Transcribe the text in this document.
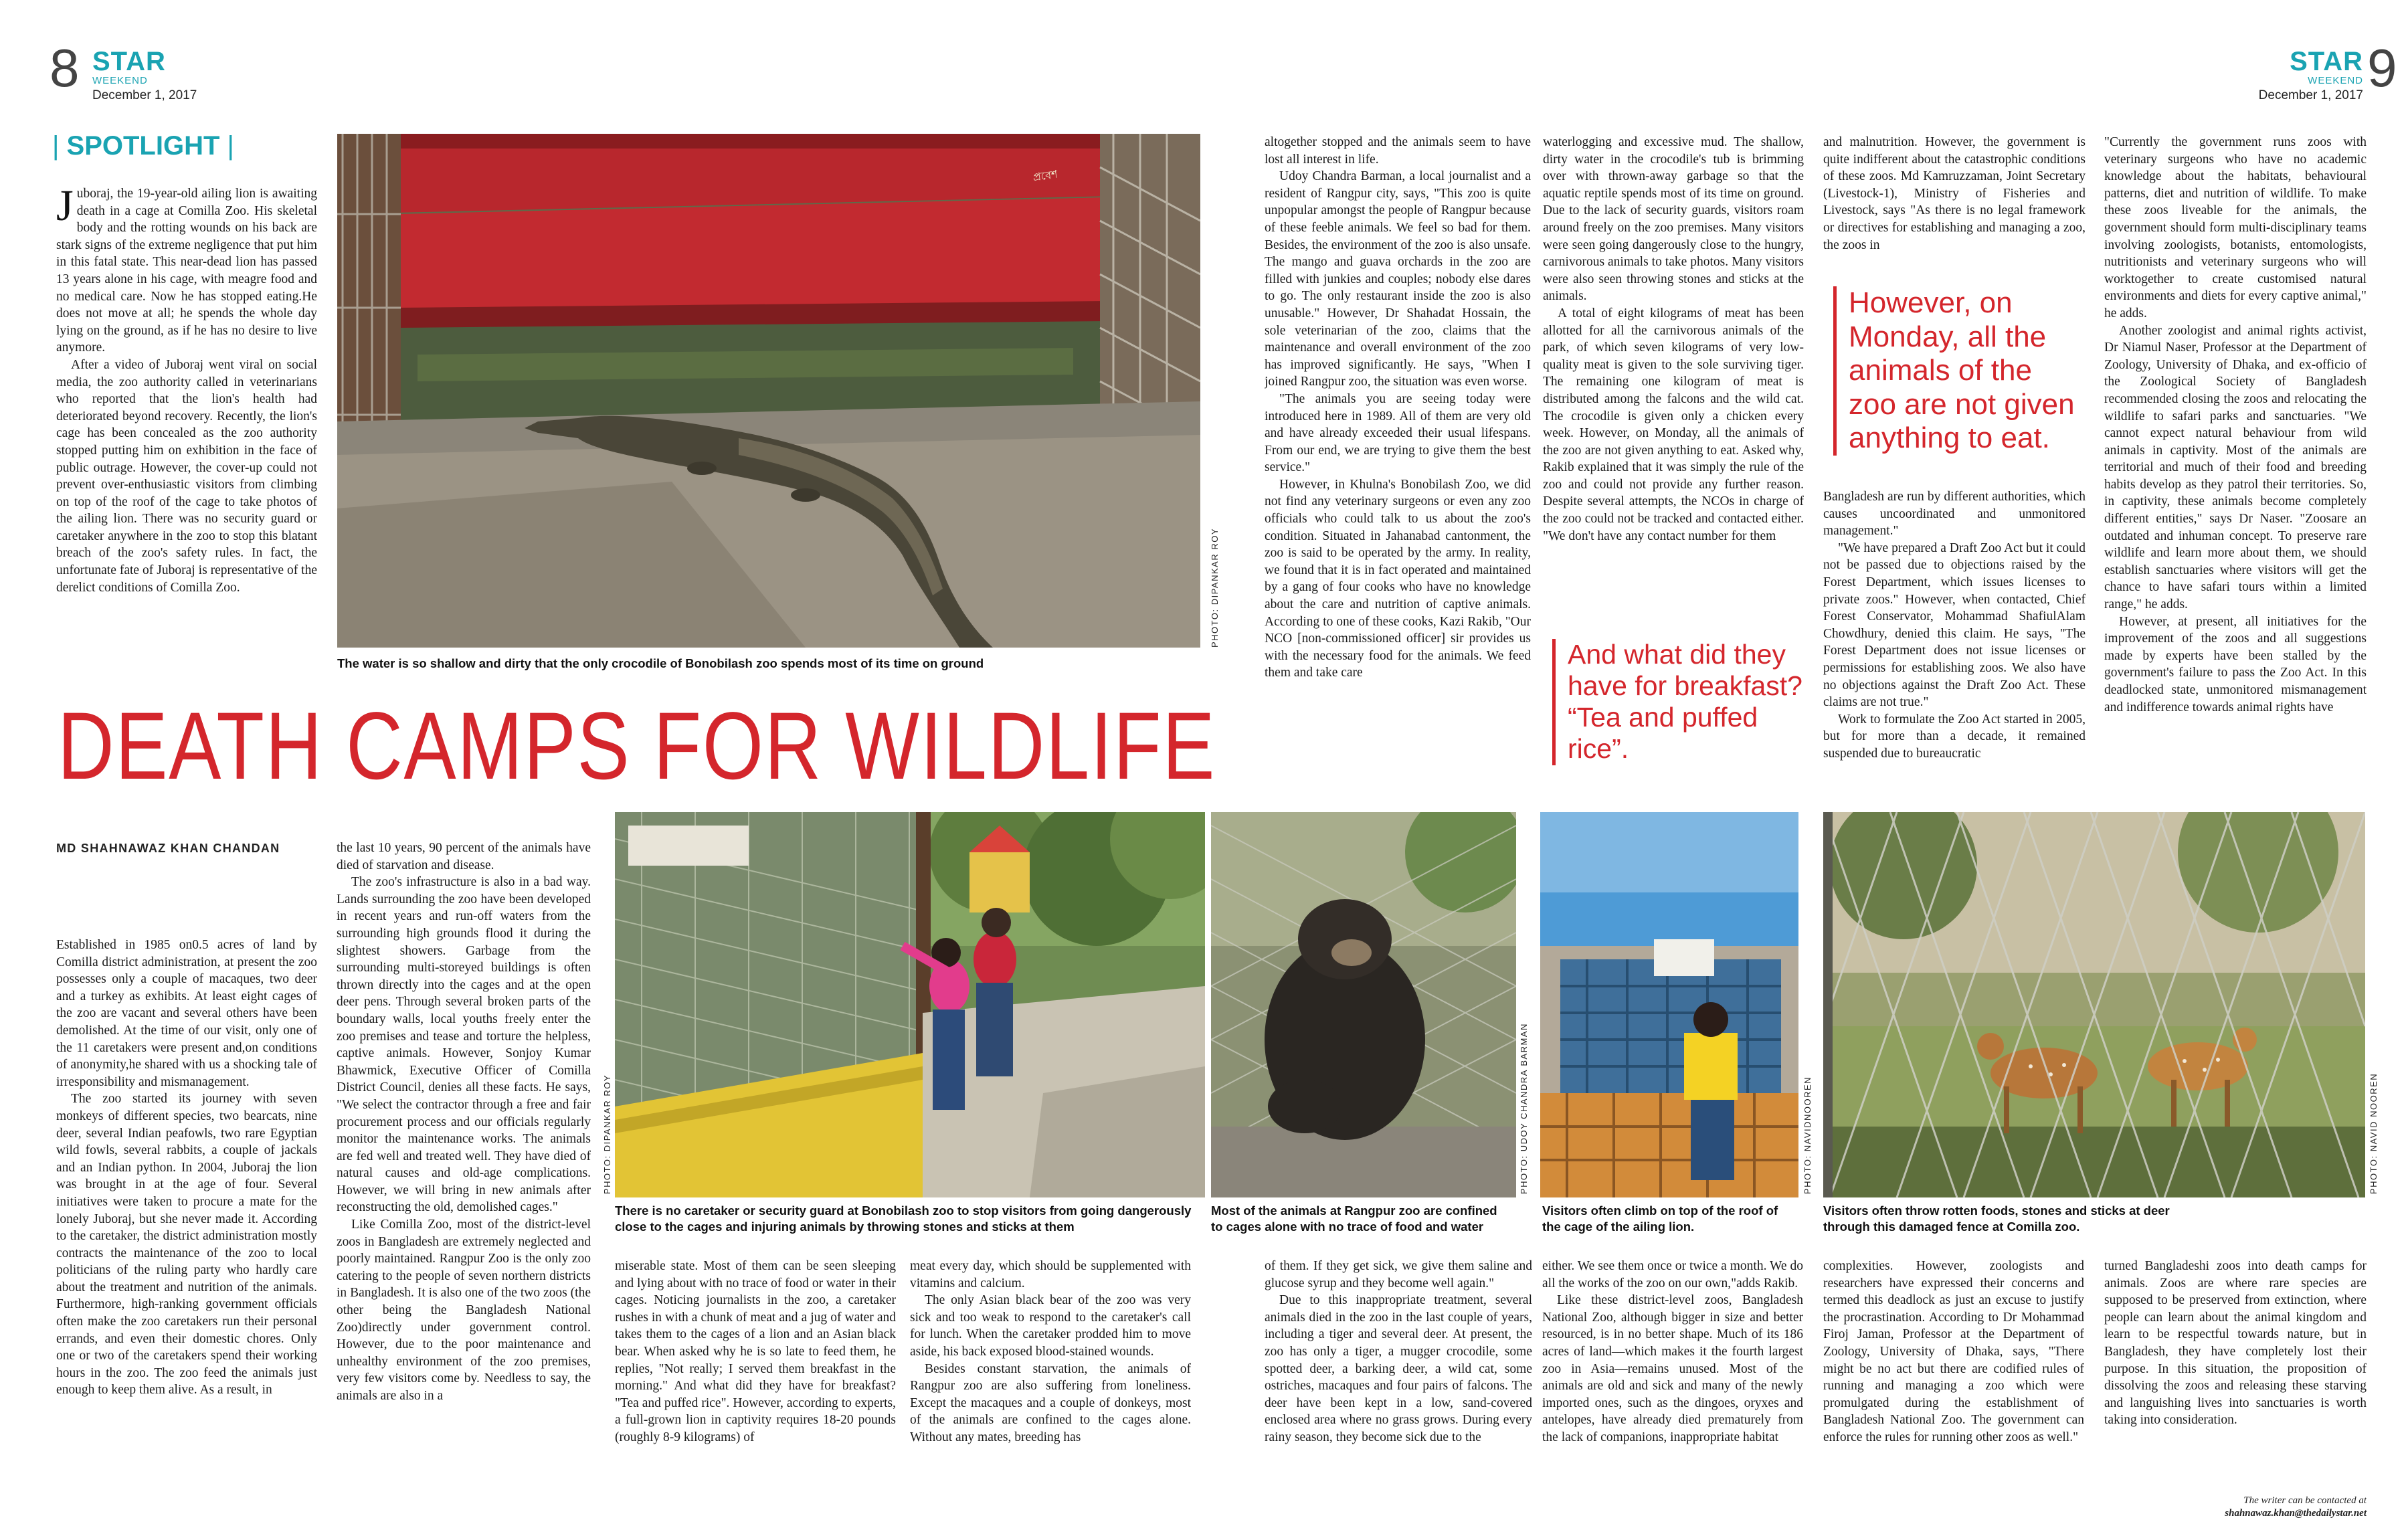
8 STAR
WEEKEND
December 1, 2017
STAR
WEEKEND
December 1, 2017 9
| SPOTLIGHT |

Juboraj, the 19-year-old ailing lion is awaiting death in a cage at Comilla Zoo. His skeletal body and the rotting wounds on his back are stark signs of the extreme negligence that put him in this fatal state. This near-dead lion has passed 13 years alone in his cage, with meagre food and no medical care. Now he has stopped eating.He does not move at all; he spends the whole day lying on the ground, as if he has no desire to live anymore.

After a video of Juboraj went viral on social media, the zoo authority called in veterinarians who reported that the lion's health had deteriorated beyond recovery. Recently, the lion's cage has been concealed as the zoo authority stopped putting him on exhibition in the face of public outrage. However, the cover-up could not prevent over-enthusiastic visitors from climbing on top of the roof of the cage to take photos of the ailing lion. There was no security guard or caretaker anywhere in the zoo to stop this blatant breach of the zoo's safety rules. In fact, the unfortunate fate of Juboraj is representative of the derelict conditions of Comilla Zoo.

প্রবেশ
PHOTO: DIPANKAR ROY
The water is so shallow and dirty that the only crocodile of Bonobilash zoo spends most of its time on ground
DEATH CAMPS FOR WILDLIFE
MD SHAHNAWAZ KHAN CHANDAN

Established in 1985 on0.5 acres of land by Comilla district administration, at present the zoo possesses only a couple of macaques, two deer and a turkey as exhibits. At least eight cages of the zoo are vacant and several others have been demolished. At the time of our visit, only one of the 11 caretakers were present and,on conditions of anonymity,he shared with us a shocking tale of irresponsibility and mismanagement.

The zoo started its journey with seven monkeys of different species, two bearcats, nine deer, several Indian peafowls, two rare Egyptian wild fowls, several rabbits, a couple of jackals and an Indian python. In 2004, Juboraj the lion was brought in at the age of four. Several initiatives were taken to procure a mate for the lonely Juboraj, but she never made it. According to the caretaker, the district administration mostly contracts the maintenance of the zoo to local politicians of the ruling party who hardly care about the treatment and nutrition of the animals. Furthermore, high-ranking government officials often make the zoo caretakers run their personal errands, and even their domestic chores. Only one or two of the caretakers spend their working hours in the zoo. The zoo feed the animals just enough to keep them alive. As a result, in

the last 10 years, 90 percent of the animals have died of starvation and disease.

The zoo's infrastructure is also in a bad way. Lands surrounding the zoo have been developed in recent years and run-off waters from the surrounding high grounds flood it during the slightest showers. Garbage from the surrounding multi-storeyed buildings is often thrown directly into the cages and at the open deer pens. Through several broken parts of the boundary walls, local youths freely enter the zoo premises and tease and torture the helpless, captive animals. However, Sonjoy Kumar Bhawmick, Executive Officer of Comilla District Council, denies all these facts. He says, "We select the contractor through a free and fair procurement process and our officials regularly monitor the maintenance works. The animals are fed well and treated well. They have died of natural causes and old-age complications. However, we will bring in new animals after reconstructing the old, demolished cages."

Like Comilla Zoo, most of the district-level zoos in Bangladesh are extremely neglected and poorly maintained. Rangpur Zoo is the only zoo catering to the people of seven northern districts in Bangladesh. It is also one of the two zoos (the other being the Bangladesh National Zoo)directly under government control. However, due to the poor maintenance and unhealthy environment of the zoo premises, very few visitors come by. Needless to say, the animals are also in a

PHOTO: DIPANKAR ROY
There is no caretaker or security guard at Bonobilash zoo to stop visitors from going dangerously close to the cages and injuring animals by throwing stones and sticks at them
PHOTO: UDOY CHANDRA BARMAN
Most of the animals at Rangpur zoo are confined to cages alone with no trace of food and water
PHOTO: NAVIDNOOREN
Visitors often climb on top of the roof of the cage of the ailing lion.
PHOTO: NAVID NOOREN
Visitors often throw rotten foods, stones and sticks at deer through this damaged fence at Comilla zoo.

miserable state. Most of them can be seen sleeping and lying about with no trace of food or water in their cages. Noticing journalists in the zoo, a caretaker rushes in with a chunk of meat and a jug of water and takes them to the cages of a lion and an Asian black bear. When asked why he is so late to feed them, he replies, "Not really; I served them breakfast in the morning." And what did they have for breakfast? "Tea and puffed rice". However, according to experts, a full-grown lion in captivity requires 18-20 pounds (roughly 8-9 kilograms) of

meat every day, which should be supplemented with vitamins and calcium.

The only Asian black bear of the zoo was very sick and too weak to respond to the caretaker's call for lunch. When the caretaker prodded him to move aside, his back exposed blood-stained wounds.

Besides constant starvation, the animals of Rangpur zoo are also suffering from loneliness. Except the macaques and a couple of donkeys, most of the animals are confined to the cages alone. Without any mates, breeding has

of them. If they get sick, we give them saline and glucose syrup and they become well again."

Due to this inappropriate treatment, several animals died in the zoo in the last couple of years, including a tiger and several deer. At present, the zoo has only a tiger, a mugger crocodile, some spotted deer, a barking deer, a wild cat, some ostriches, macaques and four pairs of falcons. The deer have been kept in a low, sand-covered enclosed area where no grass grows. During every rainy season, they become sick due to the

either. We see them once or twice a month. We do all the works of the zoo on our own,"adds Rakib.

Like these district-level zoos, Bangladesh National Zoo, although bigger in size and better resourced, is in no better shape. Much of its 186 acres of land—which makes it the fourth largest zoo in Asia—remains unused. Most of the animals are old and sick and many of the newly imported ones, such as the dingoes, oryxes and antelopes, have already died prematurely from the lack of companions, inappropriate habitat

complexities. However, zoologists and researchers have expressed their concerns and termed this deadlock as just an excuse to justify the procrastination. According to Dr Mohammad Firoj Jaman, Professor at the Department of Zoology, University of Dhaka, says, "There might be no act but there are codified rules of running and managing a zoo which were promulgated during the establishment of Bangladesh National Zoo. The government can enforce the rules for running other zoos as well."

turned Bangladeshi zoos into death camps for animals. Zoos are where rare species are supposed to be preserved from extinction, where people can learn about the animal kingdom and learn to be respectful towards nature, but in Bangladesh, they have completely lost their purpose. In this situation, the proposition of dissolving the zoos and releasing these starving and languishing lives into sanctuaries is worth taking into consideration.

The writer can be contacted at
shahnawaz.khan@thedailystar.net

altogether stopped and the animals seem to have lost all interest in life.

Udoy Chandra Barman, a local journalist and a resident of Rangpur city, says, "This zoo is quite unpopular amongst the people of Rangpur because of these feeble animals. We feel so bad for them. Besides, the environment of the zoo is also unsafe. The mango and guava orchards in the zoo are filled with junkies and couples; nobody else dares to go. The only restaurant inside the zoo is also unusable." However, Dr Shahadat Hossain, the sole veterinarian of the zoo, claims that the maintenance and overall environment of the zoo has improved significantly. He says, "When I joined Rangpur zoo, the situation was even worse.

"The animals you are seeing today were introduced here in 1989. All of them are very old and have already exceeded their usual lifespans. From our end, we are trying to give them the best service."

However, in Khulna's Bonobilash Zoo, we did not find any veterinary surgeons or even any zoo officials who could talk to us about the zoo's condition. Situated in Jahanabad cantonment, the zoo is said to be operated by the army. In reality, we found that it is in fact operated and maintained by a gang of four cooks who have no knowledge about the care and nutrition of captive animals. According to one of these cooks, Kazi Rakib, "Our NCO [non-commissioned officer] sir provides us with the necessary food for the animals. We feed them and take care

waterlogging and excessive mud. The shallow, dirty water in the crocodile's tub is brimming over with thrown-away garbage so that the aquatic reptile spends most of its time on ground. Due to the lack of security guards, visitors roam around freely on the zoo premises. Many visitors were seen going dangerously close to the hungry, carnivorous animals to take photos. Many visitors were also seen throwing stones and sticks at the animals.

A total of eight kilograms of meat has been allotted for all the carnivorous animals of the park, of which seven kilograms of very low-quality meat is given to the sole surviving tiger. The remaining one kilogram of meat is distributed among the falcons and the wild cat. The crocodile is given only a chicken every week. However, on Monday, all the animals of the zoo are not given anything to eat. Asked why, Rakib explained that it was simply the rule of the zoo and could not provide any further reason. Despite several attempts, the NCOs in charge of the zoo could not be tracked and contacted either. "We don't have any contact number for them

And what did they have for breakfast? “Tea and puffed rice”.

and malnutrition. However, the government is quite indifferent about the catastrophic conditions of these zoos. Md Kamruzzaman, Joint Secretary (Livestock-1), Ministry of Fisheries and Livestock, says "As there is no legal framework or directives for establishing and managing a zoo, the zoos in

However, on Monday, all the animals of the zoo are not given anything to eat.

Bangladesh are run by different authorities, which causes uncoordinated and unmonitored management."

"We have prepared a Draft Zoo Act but it could not be passed due to objections raised by the Forest Department, which issues licenses to private zoos." However, when contacted, Chief Forest Conservator, Mohammad ShafiulAlam Chowdhury, denied this claim. He says, "The Forest Department does not issue licenses or permissions for establishing zoos. We also have no objections against the Draft Zoo Act. These claims are not true."

Work to formulate the Zoo Act started in 2005, but for more than a decade, it remained suspended due to bureaucratic

"Currently the government runs zoos with veterinary surgeons who have no academic knowledge about the habitats, behavioural patterns, diet and nutrition of wildlife. To make these zoos liveable for the animals, the government should form multi-disciplinary teams involving zoologists, botanists, entomologists, nutritionists and veterinary surgeons who will worktogether to create customised natural environments and diets for every captive animal," he adds.

Another zoologist and animal rights activist, Dr Niamul Naser, Professor at the Department of Zoology, University of Dhaka, and ex-officio of the Zoological Society of Bangladesh recommended closing the zoos and relocating the wildlife to safari parks and sanctuaries. "We cannot expect natural behaviour from wild animals in captivity. Most of the animals are territorial and much of their food and breeding habits develop as they patrol their territories. So, in captivity, these animals become completely different entities," says Dr Naser. "Zoosare an outdated and inhuman concept. To preserve rare wildlife and learn more about them, we should establish sanctuaries where visitors will get the chance to have safari tours within a limited range," he adds.

However, at present, all initiatives for the improvement of the zoos and all suggestions made by experts have been stalled by the government's failure to pass the Zoo Act. In this deadlocked state, unmonitored mismanagement and indifference towards animal rights have
